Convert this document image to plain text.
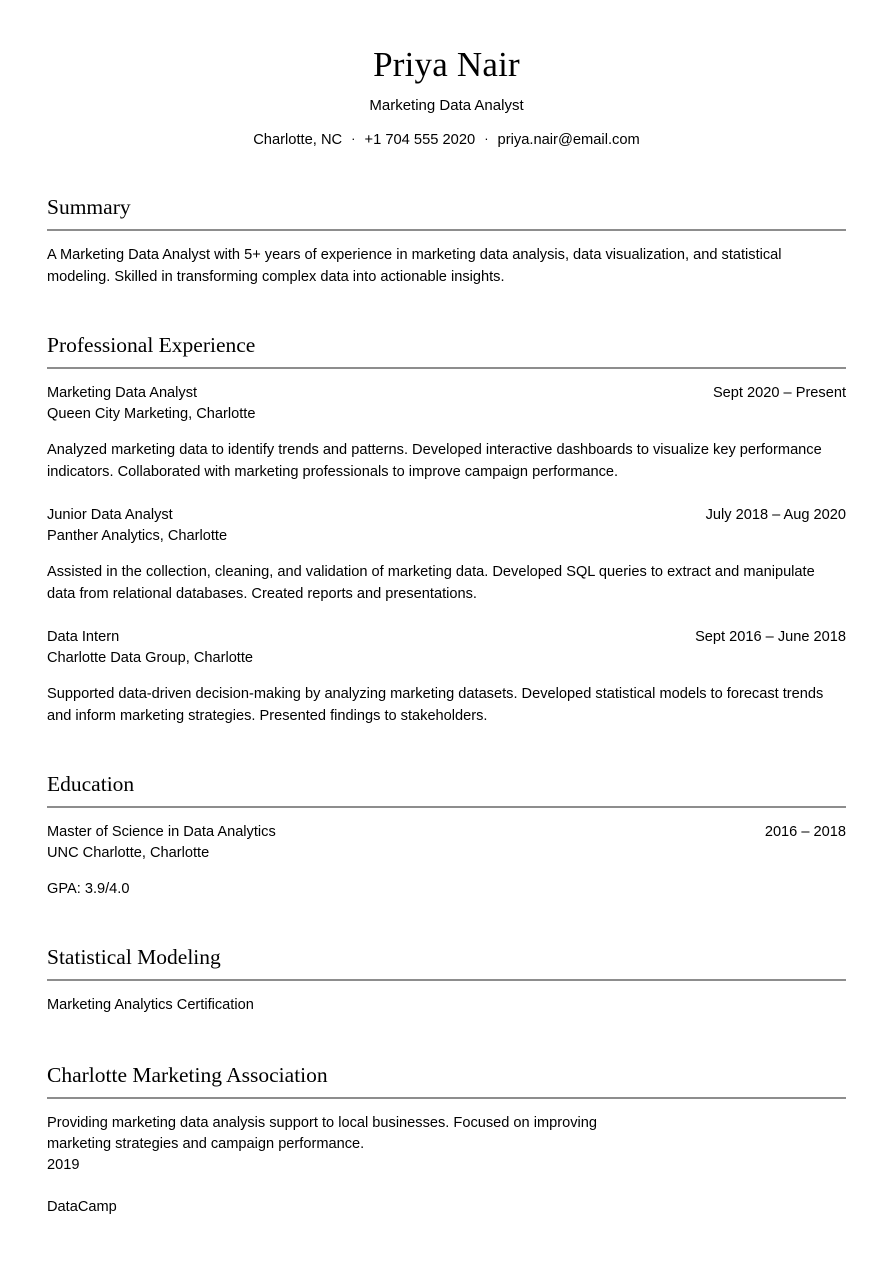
Priya Nair
Marketing Data Analyst
Charlotte, NC · +1 704 555 2020 · priya.nair@email.com
Summary

A Marketing Data Analyst with 5+ years of experience in marketing data analysis, data visualization, and statistical modeling. Skilled in transforming complex data into actionable insights.

Professional Experience
Marketing Data Analyst	Sept 2020 – Present
Queen City Marketing, Charlotte

Analyzed marketing data to identify trends and patterns. Developed interactive dashboards to visualize key performance indicators. Collaborated with marketing professionals to improve campaign performance.

Junior Data Analyst	July 2018 – Aug 2020
Panther Analytics, Charlotte

Assisted in the collection, cleaning, and validation of marketing data. Developed SQL queries to extract and manipulate data from relational databases. Created reports and presentations.

Data Intern	Sept 2016 – June 2018
Charlotte Data Group, Charlotte

Supported data-driven decision-making by analyzing marketing datasets. Developed statistical models to forecast trends and inform marketing strategies. Presented findings to stakeholders.

Education
Master of Science in Data Analytics	2016 – 2018
UNC Charlotte, Charlotte
GPA: 3.9/4.0
Statistical Modeling
Marketing Analytics Certification
Charlotte Marketing Association
Providing marketing data analysis support to local businesses. Focused on improving
marketing strategies and campaign performance.
2019
DataCamp
